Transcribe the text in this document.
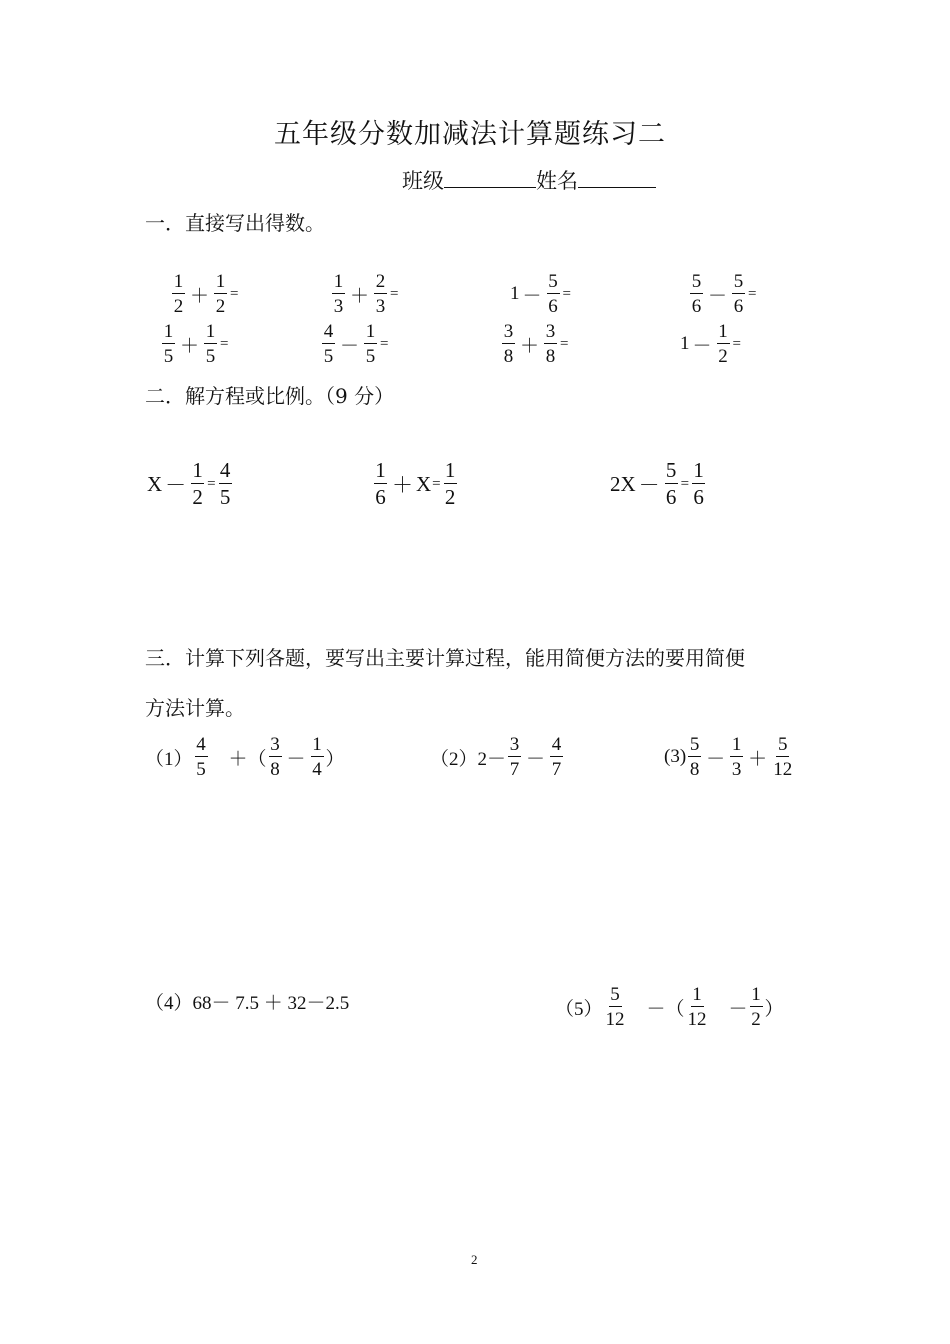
五年级分数加减法计算题练习二
班级	姓名
一．直接写出得数。
$\frac{1}{2} + \frac{1}{2}$ =	$\frac{1}{3} + \frac{2}{3}$ =	$1 - \frac{5}{6}$ =	$\frac{5}{6} - \frac{5}{6}$ =
$\frac{1}{5} + \frac{1}{5}$ =	$\frac{4}{5} - \frac{1}{5}$ =	$\frac{3}{8} + \frac{3}{8}$ =	$1 - \frac{1}{2}$ =
二．解方程或比例。（9 分）
$X - \frac{1}{2} = \frac{4}{5}$	$\frac{1}{6} + X = \frac{1}{2}$	$2X - \frac{5}{6} = \frac{1}{6}$
三．计算下列各题，要写出主要计算过程，能用简便方法的要用简便
方法计算。
$(1) \frac{4}{5}$ 　＋（ $\frac{3}{8} - \frac{1}{4}$ ）	$(2)2- \frac{3}{7} - \frac{4}{7}$	$(3) \frac{5}{8} - \frac{1}{3} + \frac{5}{12}$
（4）68－ 7.5 ＋ 32－2.5	$(5) \frac{5}{12}$ 　－（ $\frac{1}{12}$ 　－ $\frac{1}{2}$ ）
2
